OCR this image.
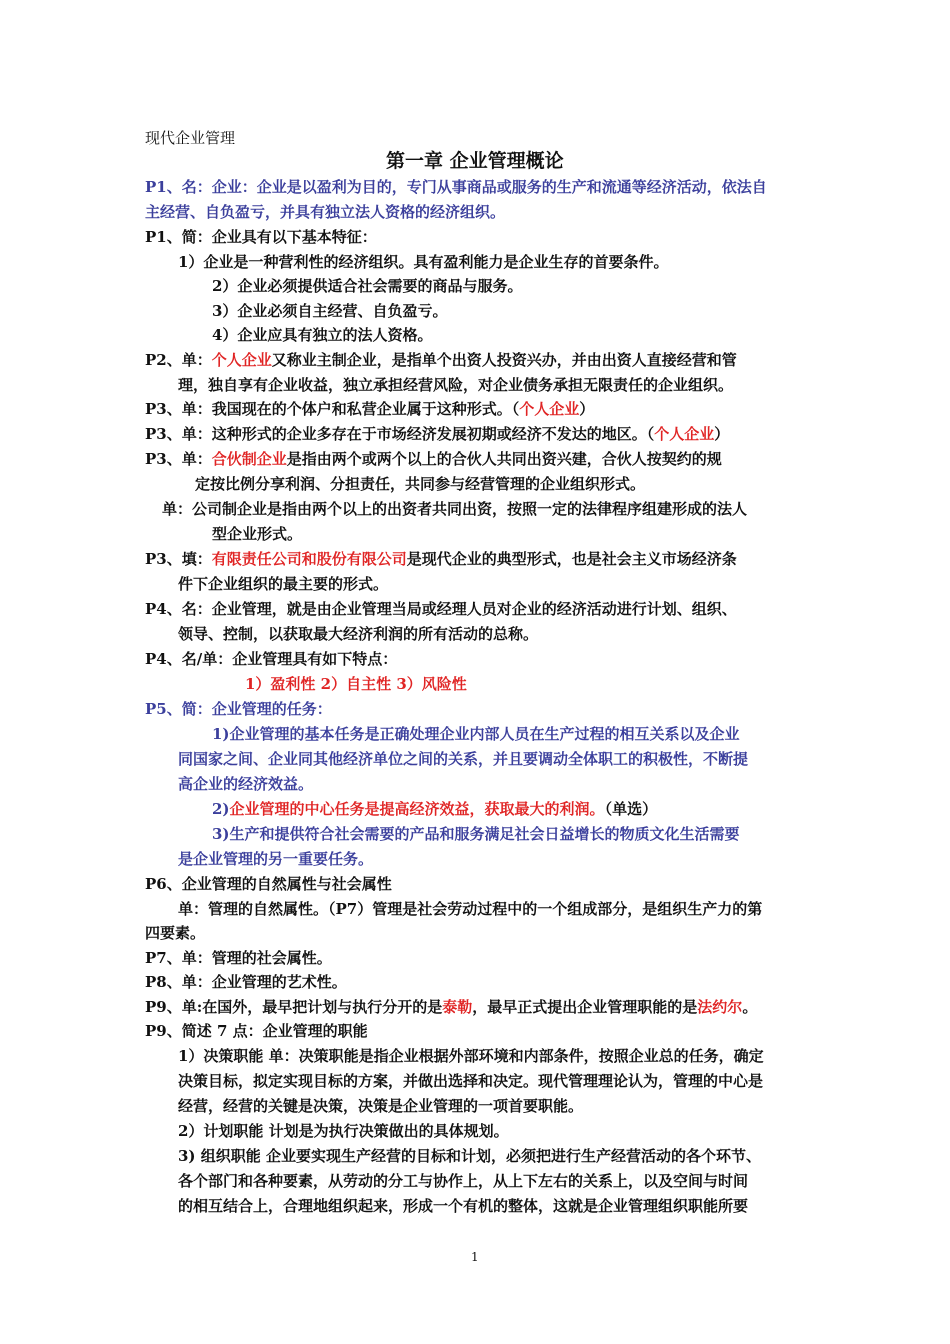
现代企业管理
第一章 企业管理概论
P1、名：企业：企业是以盈利为目的，专门从事商品或服务的生产和流通等经济活动，依法自
主经营、自负盈亏，并具有独立法人资格的经济组织。
P1、简：企业具有以下基本特征：
1）企业是一种营利性的经济组织。具有盈利能力是企业生存的首要条件。
2）企业必须提供适合社会需要的商品与服务。
3）企业必须自主经营、自负盈亏。
4）企业应具有独立的法人资格。
P2、单：个人企业又称业主制企业，是指单个出资人投资兴办，并由出资人直接经营和管
理，独自享有企业收益，独立承担经营风险，对企业债务承担无限责任的企业组织。
P3、单：我国现在的个体户和私营企业属于这种形式。（个人企业）
P3、单：这种形式的企业多存在于市场经济发展初期或经济不发达的地区。（个人企业）
P3、单：合伙制企业是指由两个或两个以上的合伙人共同出资兴建，合伙人按契约的规
定按比例分享利润、分担责任，共同参与经营管理的企业组织形式。
单：公司制企业是指由两个以上的出资者共同出资，按照一定的法律程序组建形成的法人
型企业形式。
P3、填：有限责任公司和股份有限公司是现代企业的典型形式，也是社会主义市场经济条
件下企业组织的最主要的形式。
P4、名：企业管理，就是由企业管理当局或经理人员对企业的经济活动进行计划、组织、
领导、控制，以获取最大经济利润的所有活动的总称。
P4、名/单：企业管理具有如下特点：
1）盈利性 2）自主性 3）风险性
P5、简：企业管理的任务：
1)企业管理的基本任务是正确处理企业内部人员在生产过程的相互关系以及企业
同国家之间、企业同其他经济单位之间的关系，并且要调动全体职工的积极性，不断提
高企业的经济效益。
2)企业管理的中心任务是提高经济效益，获取最大的利润。（单选）
3)生产和提供符合社会需要的产品和服务满足社会日益增长的物质文化生活需要
是企业管理的另一重要任务。
P6、企业管理的自然属性与社会属性
单：管理的自然属性。（P7）管理是社会劳动过程中的一个组成部分，是组织生产力的第
四要素。
P7、单：管理的社会属性。
P8、单：企业管理的艺术性。
P9、单:在国外，最早把计划与执行分开的是泰勒，最早正式提出企业管理职能的是法约尔。
P9、简述 7 点：企业管理的职能
1）决策职能 单：决策职能是指企业根据外部环境和内部条件，按照企业总的任务，确定
决策目标，拟定实现目标的方案，并做出选择和决定。现代管理理论认为，管理的中心是
经营，经营的关键是决策，决策是企业管理的一项首要职能。
2）计划职能 计划是为执行决策做出的具体规划。
3) 组织职能 企业要实现生产经营的目标和计划，必须把进行生产经营活动的各个环节、
各个部门和各种要素，从劳动的分工与协作上，从上下左右的关系上，以及空间与时间
的相互结合上，合理地组织起来，形成一个有机的整体，这就是企业管理组织职能所要
1
